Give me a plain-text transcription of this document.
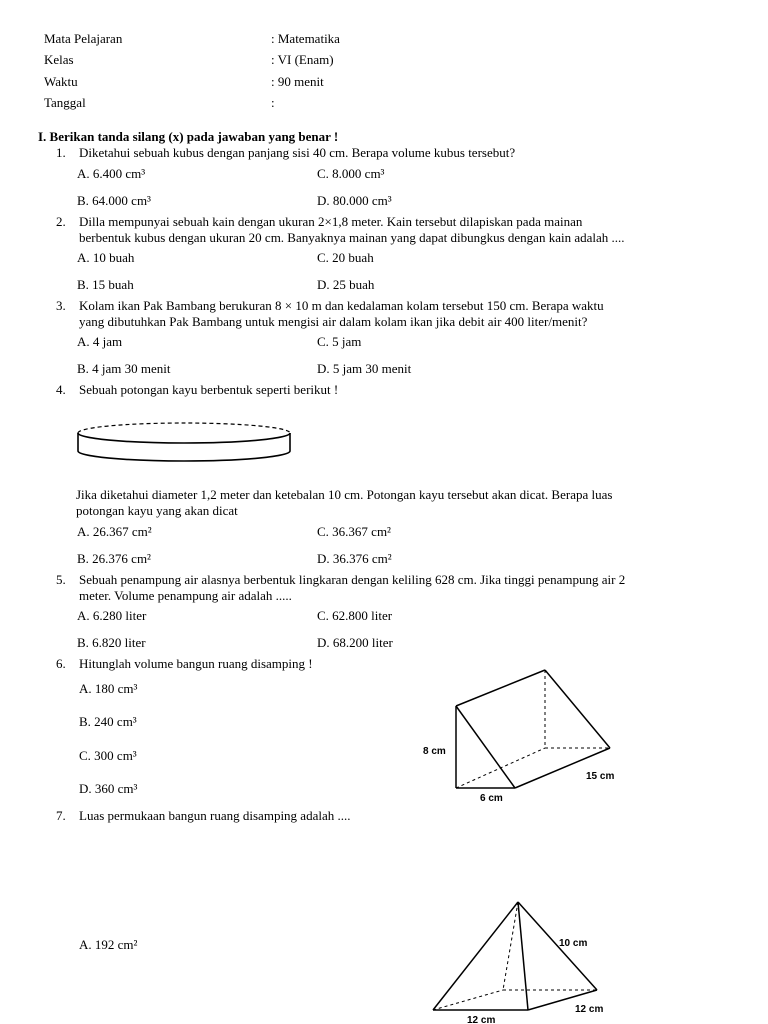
Mata Pelajaran	: Matematika
Kelas	: VI (Enam)
Waktu	: 90 menit
Tanggal	:
I. Berikan tanda silang (x) pada jawaban yang benar !
1. Diketahui sebuah kubus dengan panjang sisi 40 cm. Berapa volume kubus tersebut?
A. 6.400 cm³
B. 64.000 cm³
C. 8.000 cm³
D. 80.000 cm³
2. Dilla mempunyai sebuah kain dengan ukuran 2×1,8 meter. Kain tersebut dilapiskan pada mainan
berbentuk kubus dengan ukuran 20 cm. Banyaknya mainan yang dapat dibungkus dengan kain adalah ....
A. 10 buah
B. 15 buah
C. 20 buah
D. 25 buah
3. Kolam ikan Pak Bambang berukuran 8 × 10 m dan kedalaman kolam tersebut 150 cm. Berapa waktu
yang dibutuhkan Pak Bambang untuk mengisi air dalam kolam ikan jika debit air 400 liter/menit?
A. 4 jam
B. 4 jam 30 menit
C. 5 jam
D. 5 jam 30 menit
4. Sebuah potongan kayu berbentuk seperti berikut !
Jika diketahui diameter 1,2 meter dan ketebalan 10 cm. Potongan kayu tersebut akan dicat. Berapa luas
potongan kayu yang akan dicat
A. 26.367 cm²
B. 26.376 cm²
C. 36.367 cm²
D. 36.376 cm²
5. Sebuah penampung air alasnya berbentuk lingkaran dengan keliling 628 cm. Jika tinggi penampung air 2
meter. Volume penampung air adalah .....
A. 6.280 liter
B. 6.820 liter
C. 62.800 liter
D. 68.200 liter
6. Hitunglah volume bangun ruang disamping !
A. 180 cm³
B. 240 cm³
C. 300 cm³
D. 360 cm³
8 cm
15 cm
6 cm
7. Luas permukaan bangun ruang disamping adalah ....
A. 192 cm²	10 cm
12 cm
12 cm
